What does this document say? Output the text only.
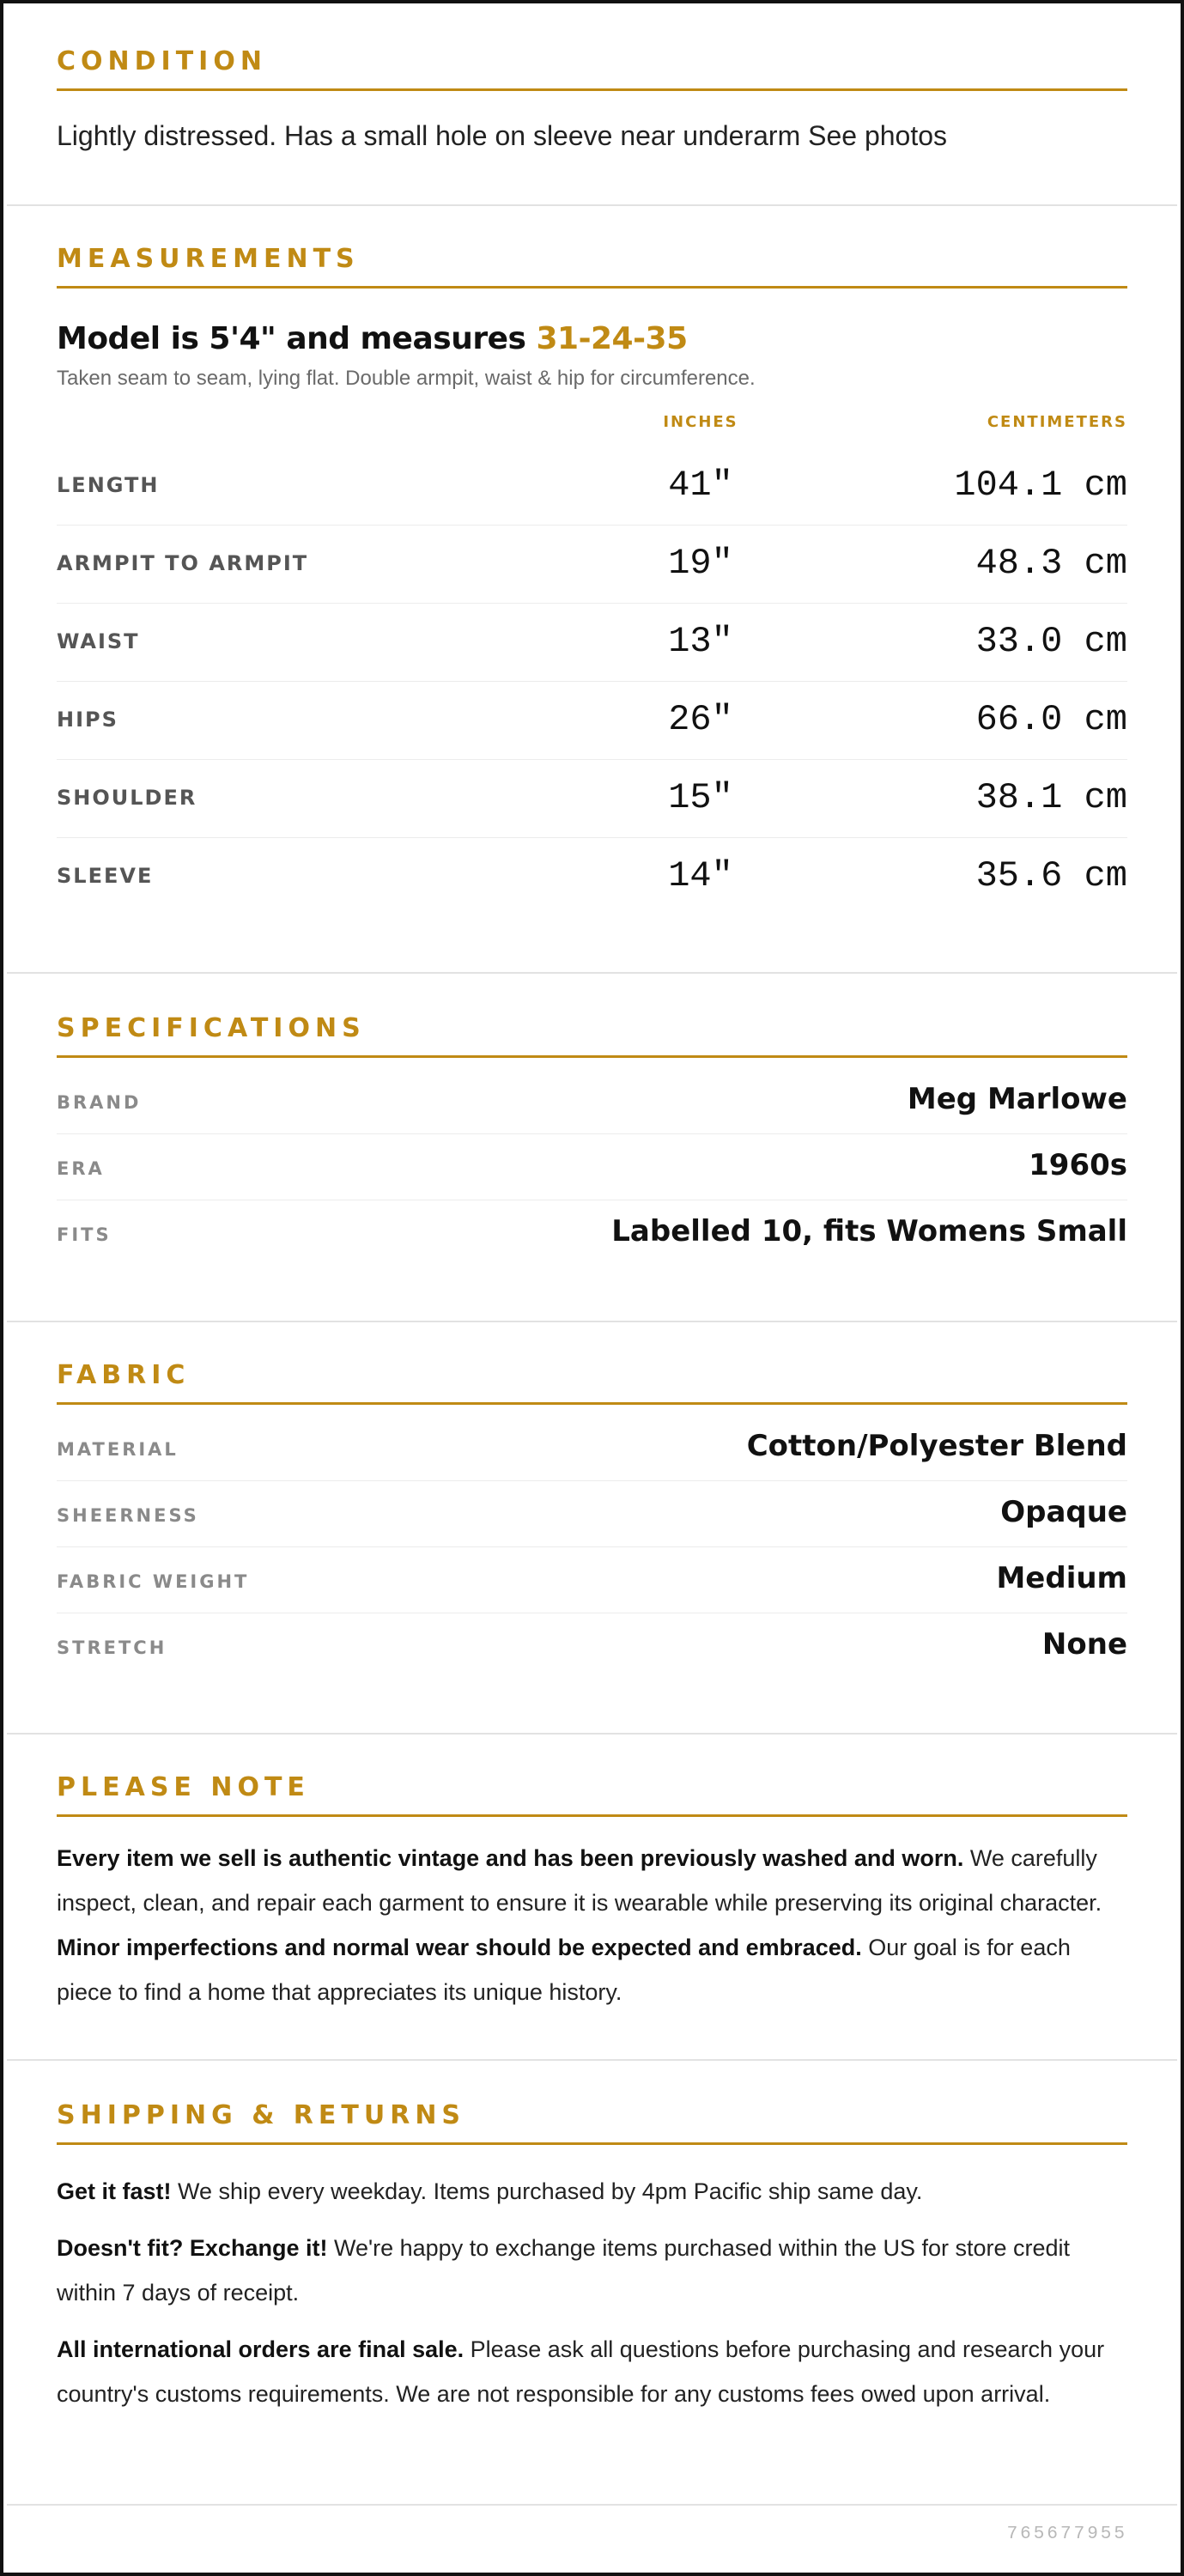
CONDITION
Lightly distressed. Has a small hole on sleeve near underarm See photos
MEASUREMENTS
Model is 5'4" and measures 31-24-35
Taken seam to seam, lying flat. Double armpit, waist & hip for circumference.
INCHES	CENTIMETERS
LENGTH	41"	104.1 cm
ARMPIT TO ARMPIT	19"	48.3 cm
WAIST	13"	33.0 cm
HIPS	26"	66.0 cm
SHOULDER	15"	38.1 cm
SLEEVE	14"	35.6 cm
SPECIFICATIONS
BRAND	Meg Marlowe
ERA	1960s
FITS	Labelled 10, fits Womens Small
FABRIC
MATERIAL	Cotton/Polyester Blend
SHEERNESS	Opaque
FABRIC WEIGHT	Medium
STRETCH	None
PLEASE NOTE

Every item we sell is authentic vintage and has been previously washed and worn. We carefully inspect, clean, and repair each garment to ensure it is wearable while preserving its original character. Minor imperfections and normal wear should be expected and embraced. Our goal is for each piece to find a home that appreciates its unique history.

SHIPPING & RETURNS

Get it fast! We ship every weekday. Items purchased by 4pm Pacific ship same day.

Doesn't fit? Exchange it! We're happy to exchange items purchased within the US for store credit within 7 days of receipt.

All international orders are final sale. Please ask all questions before purchasing and research your country's customs requirements. We are not responsible for any customs fees owed upon arrival.

765677955
